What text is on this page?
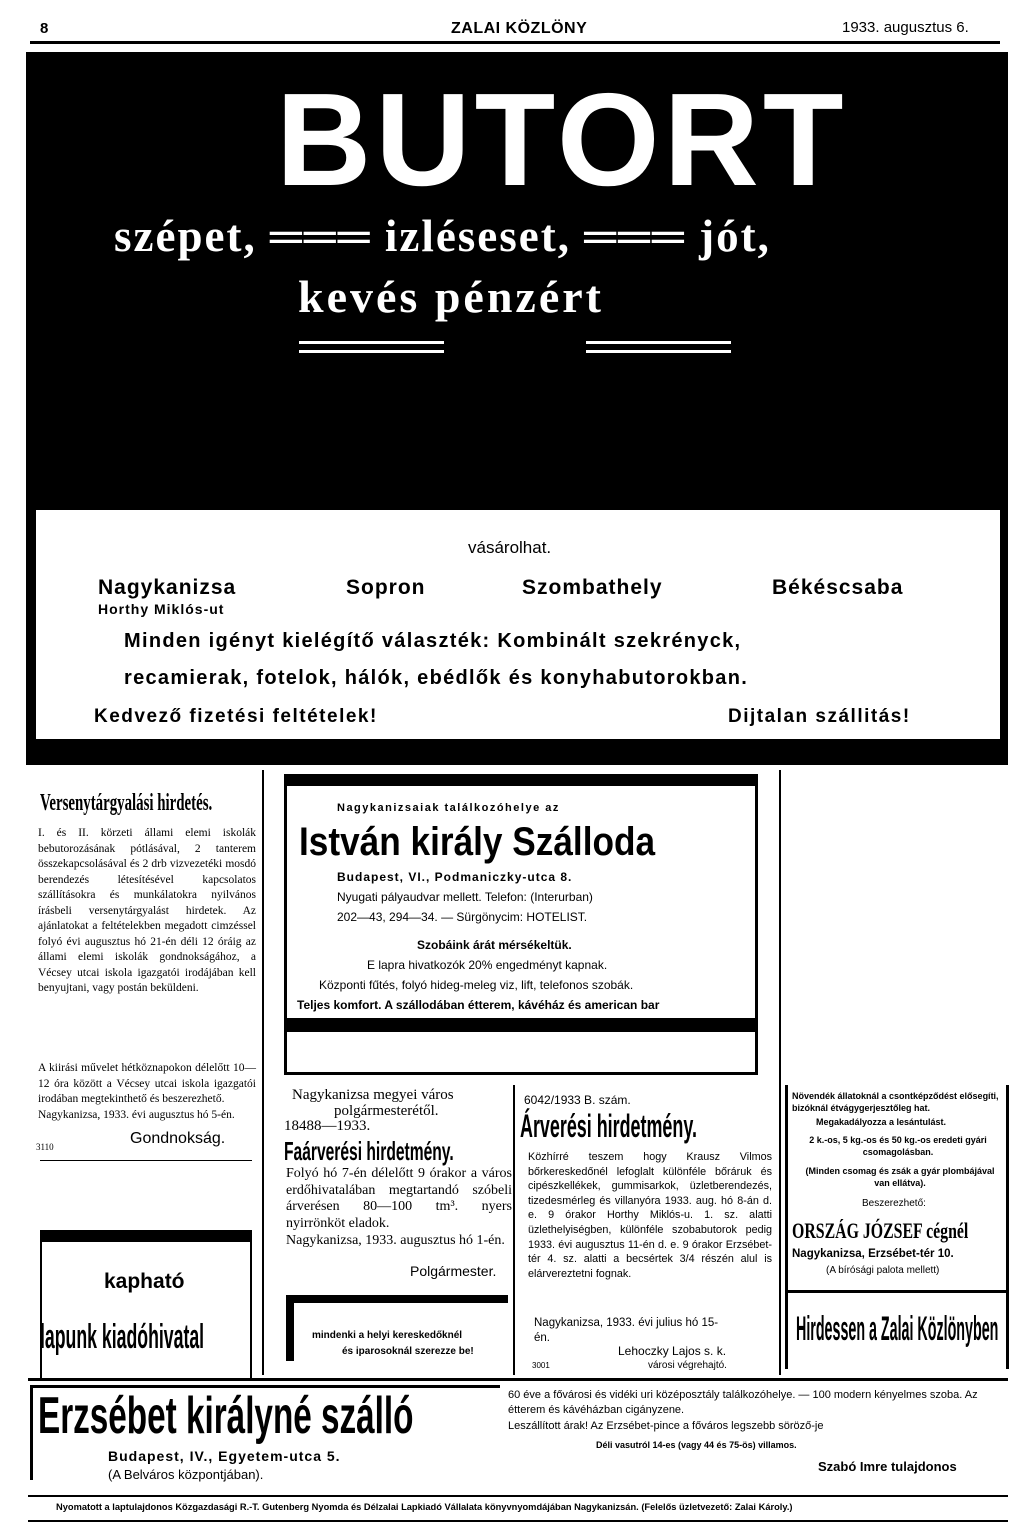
8	ZALAI KÖZLÖNY	1933. augusztus 6.
BUTORT
szépet, ═══ izléseset, ═══ jót,
kevés pénzért
vásárolhat.
Nagykanizsa
Horthy Miklós-ut
Sopron	Szombathely	Békéscsaba
Minden igényt kielégítő választék: Kombinált szekrényck,
recamierak, fotelok, hálók, ebédlők és konyhabutorokban.
Kedvező fizetési feltételek!	Dijtalan szállitás!
Versenytárgyalási hirdetés.
I. és II. körzeti állami elemi iskolák bebutorozásának pótlásával, 2 tanterem összekapcsolásával és 2 drb vizvezetéki mosdó berendezés létesítésével kapcsolatos szállításokra és munkálatokra nyilvános írásbeli versenytárgyalást hirdetek. Az ajánlatokat a feltételekben megadott cimzéssel folyó évi augusztus hó 21-én déli 12 óráig az állami elemi iskolák gondnokságához, a Vécsey utcai iskola igazgatói irodájában kell benyujtani, vagy postán beküldeni.
A kiirási művelet hétköznapokon délelőtt 10—12 óra között a Vécsey utcai iskola igazgatói irodában megtekinthető és beszerezhető.
Nagykanizsa, 1933. évi augusztus hó 5-én.
3110	Gondnokság.
kapható
lapunk kiadóhivatal
Nagykanizsaiak találkozóhelye az
István király Szálloda
Budapest, VI., Podmaniczky-utca 8.
Nyugati pályaudvar mellett. Telefon: (Interurban)
202—43, 294—34. — Sürgönycim: HOTELIST.
Szobáink árát mérsékeltük.
E lapra hivatkozók 20% engedményt kapnak.
Központi fűtés, folyó hideg-meleg viz, lift, telefonos szobák.
Teljes komfort. A szállodában étterem, kávéház és american bar
Nagykanizsa megyei város
polgármesterétől.
18488—1933.
Faárverési hirdetmény.
Folyó hó 7-én délelőtt 9 órakor a város erdőhivatalában megtartandó szóbeli árverésen 80—100 tm³. nyers nyirrönköt eladok.
Nagykanizsa, 1933. augusztus hó 1-én.
Polgármester.
mindenki a helyi kereskedőknél
és iparosoknál szerezze be!
6042/1933 B. szám.
Árverési hirdetmény.
Közhírré teszem hogy Krausz Vilmos bőrkereskedőnél lefoglalt különféle bőráruk és cipészkellékek, gummisarkok, üzletberendezés, tizedesmérleg és villanyóra 1933. aug. hó 8-án d. e. 9 órakor Horthy Miklós-u. 1. sz. alatti üzlethelyiségben, különféle szobabutorok pedig 1933. évi augusztus 11-én d. e. 9 órakor Erzsébet-tér 4. sz. alatti a becsértek 3/4 részén alul is elárvereztetni fognak.
Nagykanizsa, 1933. évi julius hó 15-én.
Lehoczky Lajos s. k.
városi végrehajtó.
3001
Növendék állatoknál a csontképződést elősegíti, bizóknál étvágygerjesztőleg hat.
Megakadályozza a lesántulást.
2 k.-os, 5 kg.-os és 50 kg.-os eredeti gyári csomagolásban.
(Minden csomag és zsák a gyár plombájával van ellátva).
Beszerezhető:
ORSZÁG JÓZSEF cégnél
Nagykanizsa, Erzsébet-tér 10.
(A bírósági palota mellett)
Hirdessen a Zalai Közlönyben
Erzsébet királyné szálló
Budapest, IV., Egyetem-utca 5.
(A Belváros központjában).
60 éve a fővárosi és vidéki uri középosztály találkozóhelye. — 100 modern kényelmes szoba. Az étterem és kávéházban cigányzene.
Leszállított árak! Az Erzsébet-pince a főváros legszebb söröző-je
Déli vasutról 14-es (vagy 44 és 75-ös) villamos.
Szabó Imre tulajdonos
Nyomatott a laptulajdonos Közgazdasági R.-T. Gutenberg Nyomda és Délzalai Lapkiadó Vállalata könyvnyomdájában Nagykanizsán. (Felelős üzletvezető: Zalai Károly.)
